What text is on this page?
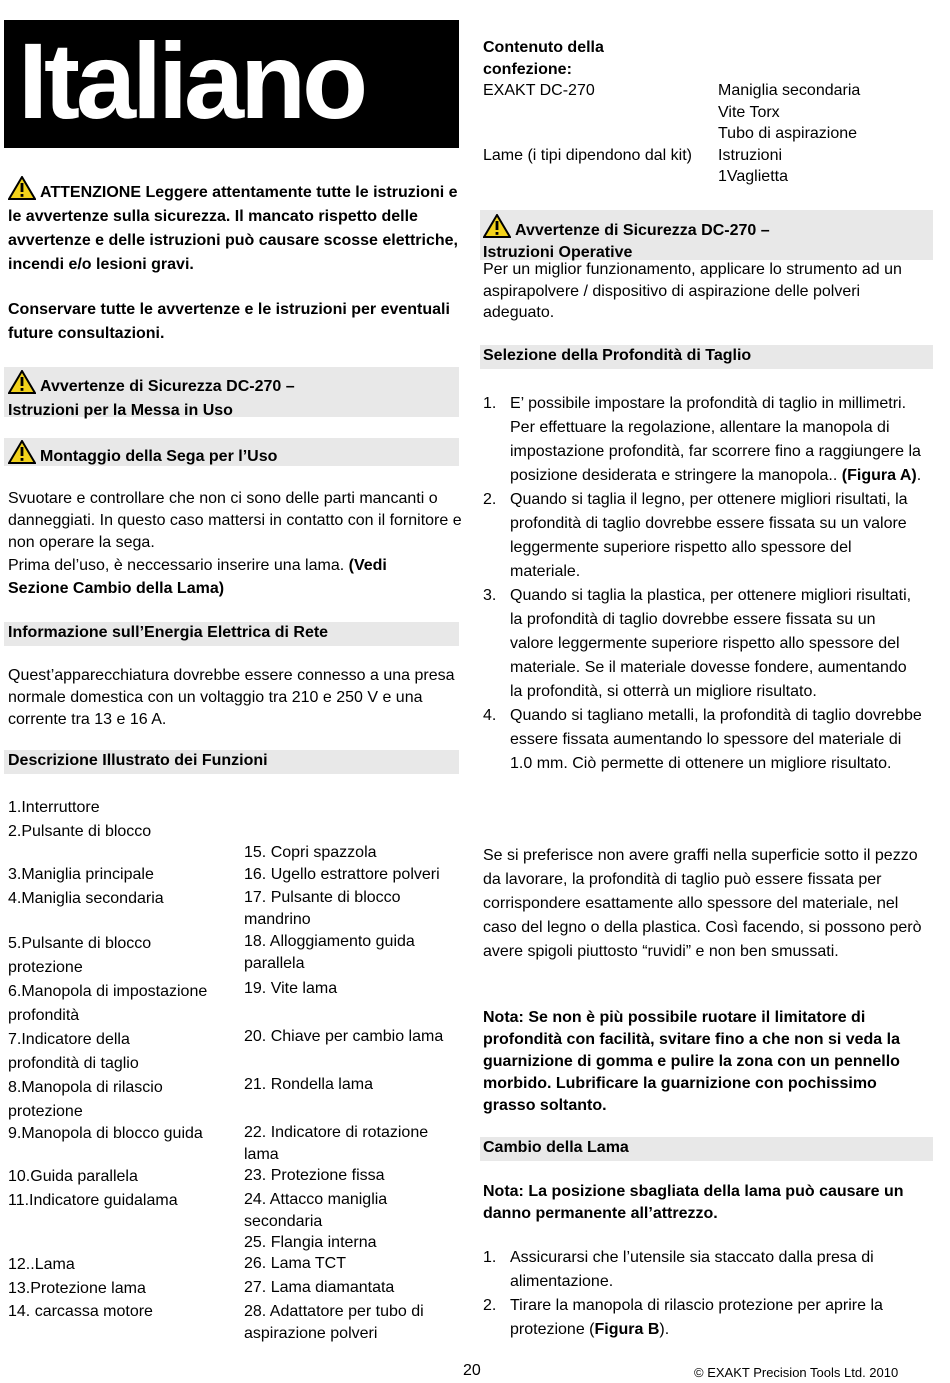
Italiano
ATTENZIONE Leggere attentamente tutte le istruzioni e le avvertenze sulla sicurezza. Il mancato rispetto delle avvertenze e delle istruzioni può causare scosse elettriche, incendi e/o lesioni gravi.
Conservare tutte le avvertenze e le istruzioni per eventuali future consultazioni.
Avvertenze di Sicurezza DC-270 –
Istruzioni per la Messa in Uso
Montaggio della Sega per l’Uso
Svuotare e controllare che non ci sono delle parti mancanti o danneggiati. In questo caso mattersi in contatto con il fornitore e non operare la sega.
Prima del’uso, è neccessario inserire una lama. (Vedi Sezione Cambio della Lama)
Informazione sull’Energia Elettrica di Rete
Quest’apparecchiatura dovrebbe essere connesso a una presa normale domestica con un voltaggio tra 210 e 250 V e una corrente tra 13 e 16 A.
Descrizione Illustrato dei Funzioni
1.Interruttore
2.Pulsante di blocco
3.Maniglia principale
4.Maniglia secondaria
5.Pulsante di blocco protezione
6.Manopola di impostazione profondità
7.Indicatore della profondità di taglio
8.Manopola di rilascio protezione
9.Manopola di blocco guida
10.Guida parallela
11.Indicatore guidalama
12..Lama
13.Protezione lama
14. carcassa motore
15. Copri spazzola
16. Ugello estrattore polveri
17. Pulsante di blocco mandrino
18. Alloggiamento guida parallela
19. Vite lama
20. Chiave per cambio lama
21. Rondella lama
22. Indicatore di rotazione lama
23. Protezione fissa
24. Attacco maniglia secondaria
25. Flangia interna
26. Lama TCT
27. Lama diamantata
28. Adattatore per tubo di aspirazione polveri
Contenuto della
confezione:
EXAKT DC-270
Lame (i tipi dipendono dal kit)
Maniglia secondaria
Vite Torx
Tubo di aspirazione
Istruzioni
1Vaglietta
Avvertenze di Sicurezza DC-270 –
Istruzioni Operative
Per un miglior funzionamento, applicare lo strumento ad un aspirapolvere / dispositivo di aspirazione delle polveri adeguato.
Selezione della Profondità di Taglio
1. E’ possibile impostare la profondità di taglio in millimetri. Per effettuare la regolazione, allentare la manopola di impostazione profondità, far scorrere fino a raggiungere la posizione desiderata e stringere la manopola.. (Figura A).
2. Quando si taglia il legno, per ottenere migliori risultati, la profondità di taglio dovrebbe essere fissata su un valore leggermente superiore rispetto allo spessore del materiale.
3. Quando si taglia la plastica, per ottenere migliori risultati, la profondità di taglio dovrebbe essere fissata su un valore leggermente superiore rispetto allo spessore del materiale. Se il materiale dovesse fondere, aumentando la profondità, si otterrà un migliore risultato.
4. Quando si tagliano metalli, la profondità di taglio dovrebbe essere fissata aumentando lo spessore del materiale di 1.0 mm. Ciò permette di ottenere un migliore risultato.
Se si preferisce non avere graffi nella superficie sotto il pezzo da lavorare, la profondità di taglio può essere fissata per corrispondere esattamente allo spessore del materiale, nel caso del legno o della plastica. Così facendo, si possono però avere spigoli piuttosto “ruvidi” e non ben smussati.
Nota: Se non è più possibile ruotare il limitatore di profondità con facilità, svitare fino a che non si veda la guarnizione di gomma e pulire la zona con un pennello morbido. Lubrificare la guarnizione con pochissimo grasso soltanto.
Cambio della Lama
Nota: La posizione sbagliata della lama può causare un danno permanente all’attrezzo.
1. Assicurarsi che l’utensile sia staccato dalla presa di alimentazione.
2. Tirare la manopola di rilascio protezione per aprire la protezione (Figura B).
20	© EXAKT Precision Tools Ltd. 2010
